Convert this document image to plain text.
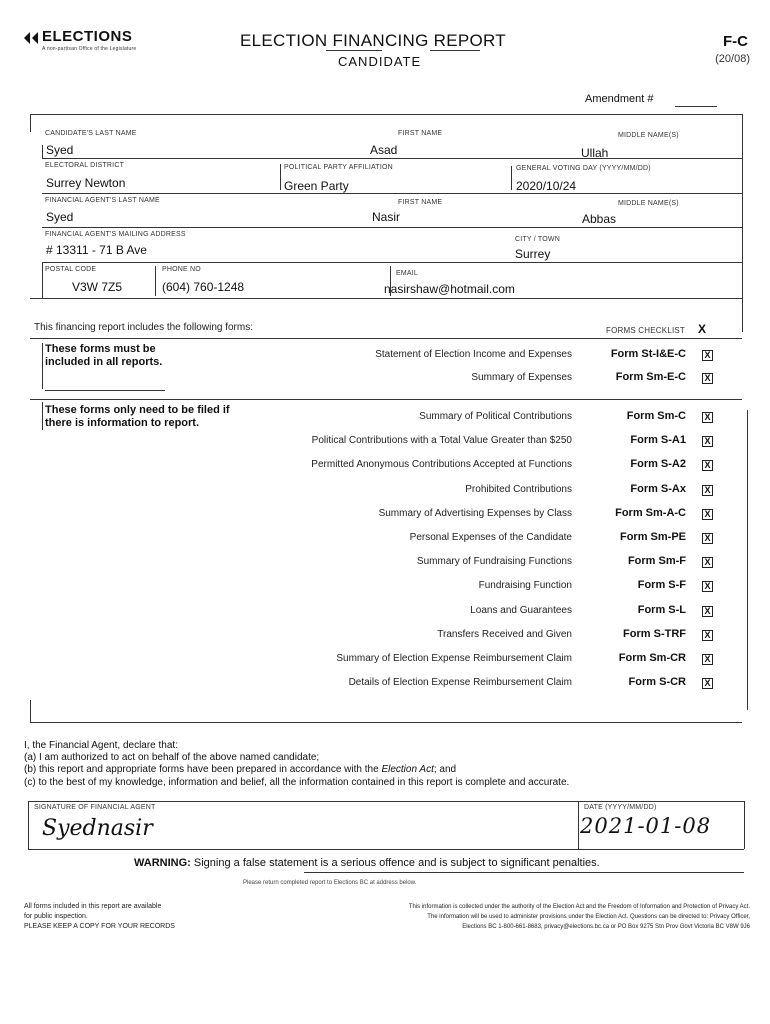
ELECTIONS
A non-partisan Office of the Legislature	ELECTION FINANCING REPORT
CANDIDATE
F-C
(20/08)
Amendment #
CANDIDATE'S LAST NAME
Syed
FIRST NAME
Asad
MIDDLE NAME(S)
Ullah
ELECTORAL DISTRICT
Surrey Newton
POLITICAL PARTY AFFILIATION
Green Party
GENERAL VOTING DAY (YYYY/MM/DD)
2020/10/24
FINANCIAL AGENT'S LAST NAME
Syed
FIRST NAME
Nasir
MIDDLE NAME(S)
Abbas
FINANCIAL AGENT'S MAILING ADDRESS
# 13311 - 71 B Ave
CITY / TOWN
Surrey
POSTAL CODE
V3W 7Z5
PHONE NO
(604) 760-1248
EMAIL
nasirshaw@hotmail.com
This financing report includes the following forms:	FORMS CHECKLIST X
These forms must be included in all reports.
Statement of Election Income and Expenses	Form St-I&E-C X
Summary of Expenses	Form Sm-E-C X
These forms only need to be filed if there is information to report.
Summary of Political Contributions	Form Sm-C X
Political Contributions with a Total Value Greater than $250	Form S-A1 X
Permitted Anonymous Contributions Accepted at Functions	Form S-A2 X
Prohibited Contributions	Form S-Ax X
Summary of Advertising Expenses by Class	Form Sm-A-C X
Personal Expenses of the Candidate	Form Sm-PE X
Summary of Fundraising Functions	Form Sm-F X
Fundraising Function	Form S-F X
Loans and Guarantees	Form S-L X
Transfers Received and Given	Form S-TRF X
Summary of Election Expense Reimbursement Claim	Form Sm-CR X
Details of Election Expense Reimbursement Claim	Form S-CR X
I, the Financial Agent, declare that:
(a) I am authorized to act on behalf of the above named candidate;
(b) this report and appropriate forms have been prepared in accordance with the Election Act; and
(c) to the best of my knowledge, information and belief, all the information contained in this report is complete and accurate.
SIGNATURE OF FINANCIAL AGENT
Syednasir
DATE (YYYY/MM/DD)
2021-01-08
WARNING: Signing a false statement is a serious offence and is subject to significant penalties.
Please return completed report to Elections BC at address below.
All forms included in this report are available
for public inspection.
PLEASE KEEP A COPY FOR YOUR RECORDS
This information is collected under the authority of the Election Act and the Freedom of Information and Protection of Privacy Act.
The information will be used to administer provisions under the Election Act. Questions can be directed to: Privacy Officer,
Elections BC 1-800-661-8683, privacy@elections.bc.ca or PO Box 9275 Stn Prov Govt Victoria BC V8W 9J6
